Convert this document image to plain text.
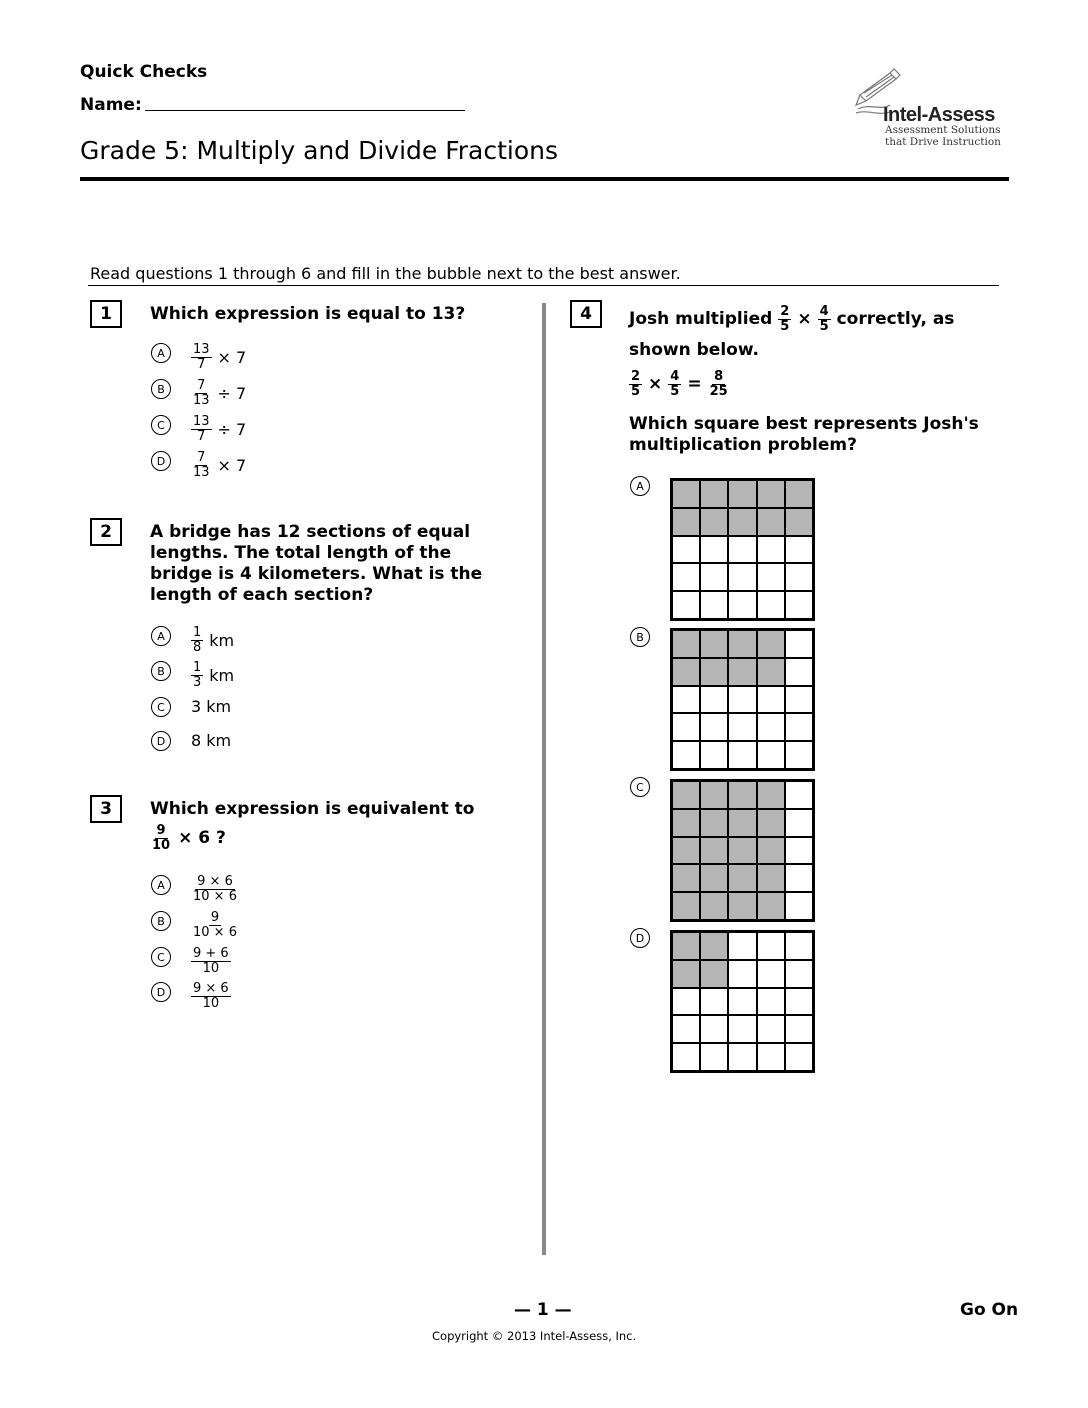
Quick Checks
Name:
Grade 5: Multiply and Divide Fractions
Intel-Assess
Assessment Solutions
that Drive Instruction
Read questions 1 through 6 and fill in the bubble next to the best answer.
1	Which expression is equal to 13?
A	$\frac{13}{7} \times 7$
B	$\frac{7}{13} \div 7$
C	$\frac{13}{7} \div 7$
D	$\frac{7}{13} \times 7$
2	A bridge has 12 sections of equal
lengths. The total length of the
bridge is 4 kilometers. What is the
length of each section?
A	$\frac{1}{8}$ km
B	$\frac{1}{3}$ km
C	3 km
D	8 km
3	Which expression is equivalent to
$\frac{9}{10} \times 6$ ?
A	$\frac{9 \times 6}{10 \times 6}$
B	$\frac{9}{10 \times 6}$
C	$\frac{9 + 6}{10}$
D	$\frac{9 \times 6}{10}$
4	Josh multiplied $\frac{2}{5} \times \frac{4}{5}$ correctly, as
shown below.
$\frac{2}{5} \times \frac{4}{5} = \frac{8}{25}$
Which square best represents Josh's
multiplication problem?
A
B
C
D
— 1 —	Go On
Copyright © 2013 Intel-Assess, Inc.
